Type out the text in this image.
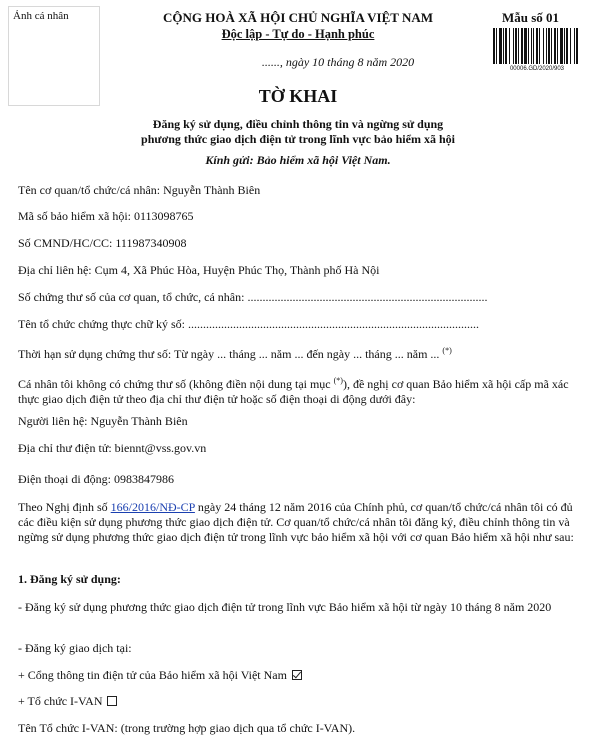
Ảnh cá nhân	CỘNG HOÀ XÃ HỘI CHỦ NGHĨA VIỆT NAM
Độc lập - Tự do - Hạnh phúc
Mẫu số 01
00006.GD/2020/903
......, ngày 10 tháng 8 năm 2020
TỜ KHAI
Đăng ký sử dụng, điều chỉnh thông tin và ngừng sử dụng phương thức giao dịch điện tử trong lĩnh vực bảo hiểm xã hội
Kính gửi: Bảo hiểm xã hội Việt Nam.
Tên cơ quan/tổ chức/cá nhân: Nguyễn Thành Biên
Mã số bảo hiểm xã hội: 0113098765
Số CMND/HC/CC: 111987340908
Địa chỉ liên hệ: Cụm 4, Xã Phúc Hòa, Huyện Phúc Thọ, Thành phố Hà Nội
Số chứng thư số của cơ quan, tổ chức, cá nhân: ................................................................................
Tên tổ chức chứng thực chữ ký số: .................................................................................................
Thời hạn sử dụng chứng thư số: Từ ngày ... tháng ... năm ... đến ngày ... tháng ... năm ... (*)
Cá nhân tôi không có chứng thư số (không điền nội dung tại mục (*)), đề nghị cơ quan Bảo hiểm xã hội cấp mã xác thực giao dịch điện tử theo địa chỉ thư điện tử hoặc số điện thoại di động dưới đây:
Người liên hệ: Nguyễn Thành Biên
Địa chỉ thư điện tử: biennt@vss.gov.vn
Điện thoại di động: 0983847986
Theo Nghị định số 166/2016/NĐ-CP ngày 24 tháng 12 năm 2016 của Chính phủ, cơ quan/tổ chức/cá nhân tôi có đủ các điều kiện sử dụng phương thức giao dịch điện tử. Cơ quan/tổ chức/cá nhân tôi đăng ký, điều chỉnh thông tin và ngừng sử dụng phương thức giao dịch điện tử trong lĩnh vực bảo hiểm xã hội với cơ quan Bảo hiểm xã hội như sau:
1. Đăng ký sử dụng:
- Đăng ký sử dụng phương thức giao dịch điện tử trong lĩnh vực Bảo hiểm xã hội từ ngày 10 tháng 8 năm 2020
- Đăng ký giao dịch tại:
+ Cổng thông tin điện tử của Bảo hiểm xã hội Việt Nam
+ Tổ chức I-VAN
Tên Tổ chức I-VAN: (trong trường hợp giao dịch qua tổ chức I-VAN).
